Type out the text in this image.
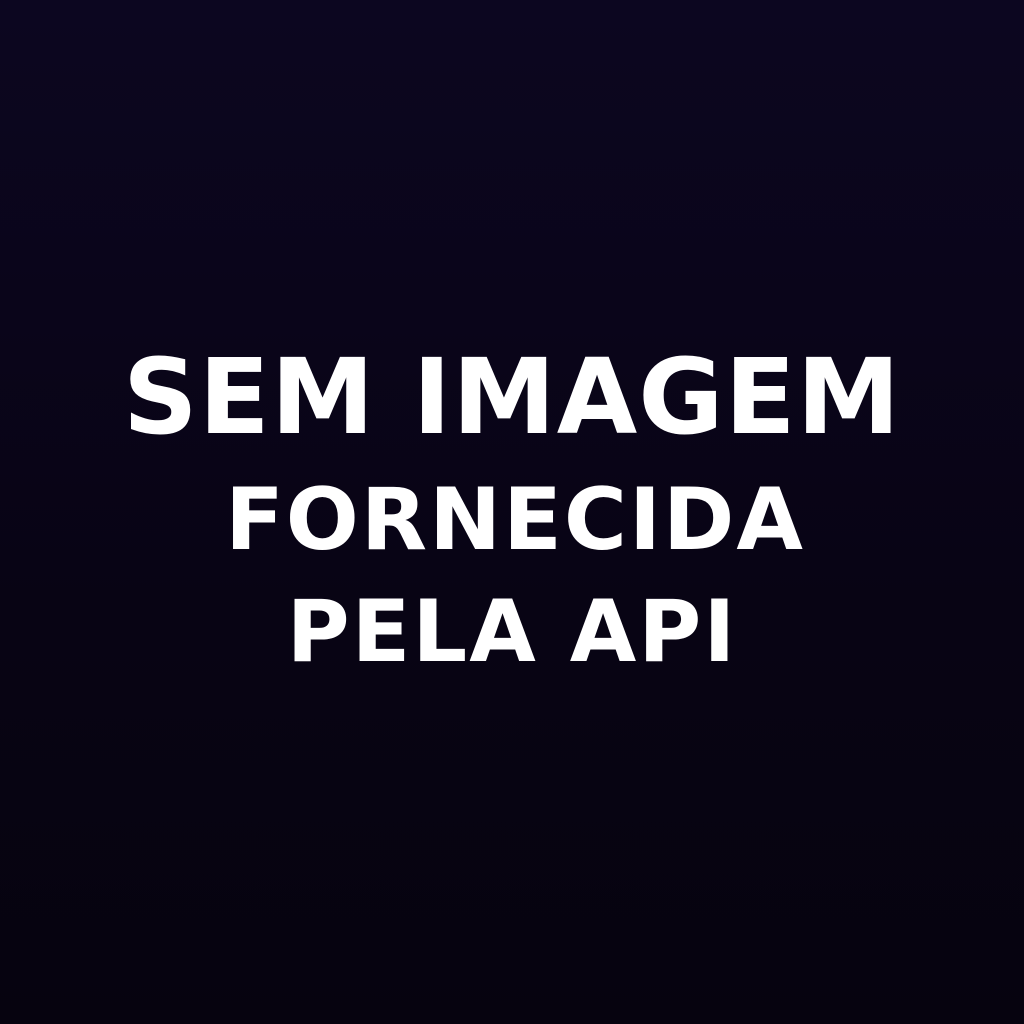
SEM IMAGEM
FORNECIDA
PELA API
